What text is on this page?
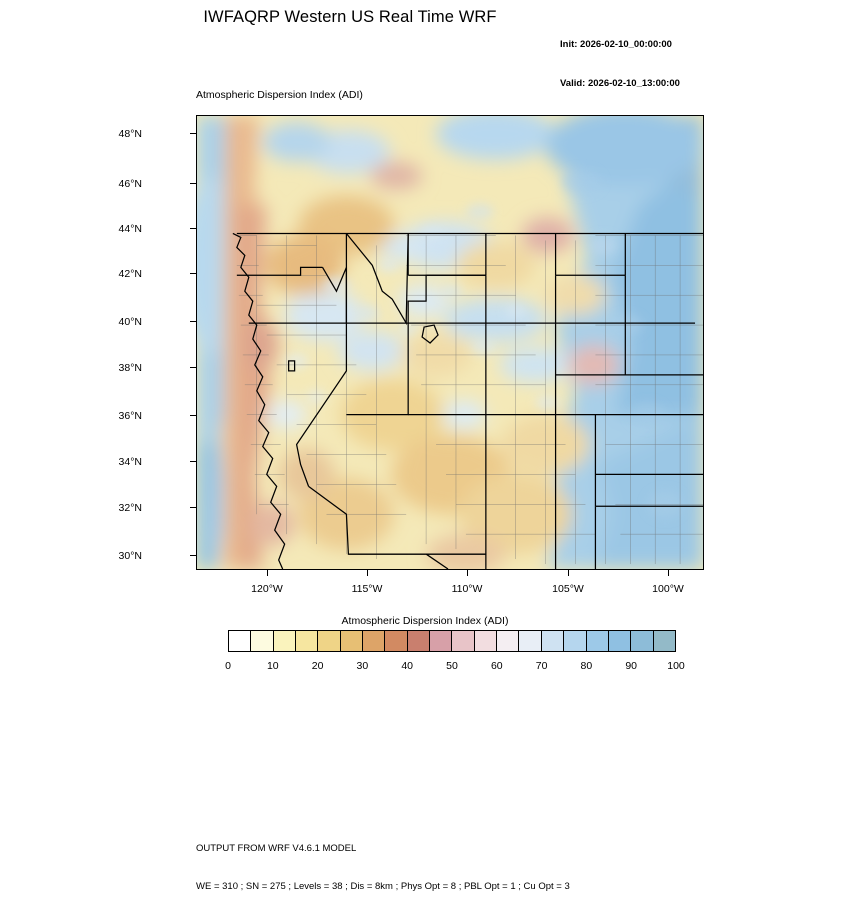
IWFAQRP Western US Real Time WRF

Init: 2026-02-10_00:00:00

Valid: 2026-02-10_13:00:00

Atmospheric Dispersion Index (ADI)
48°N
46°N
44°N
42°N
40°N
38°N
36°N
34°N
32°N
30°N
120°W	115°W	110°W	105°W	100°W
Atmospheric Dispersion Index (ADI)
0	10	20	30	40	50	60	70	80	90	100

OUTPUT FROM WRF V4.6.1 MODEL

WE = 310 ; SN = 275 ; Levels = 38 ; Dis = 8km ; Phys Opt = 8 ; PBL Opt = 1 ; Cu Opt = 3
